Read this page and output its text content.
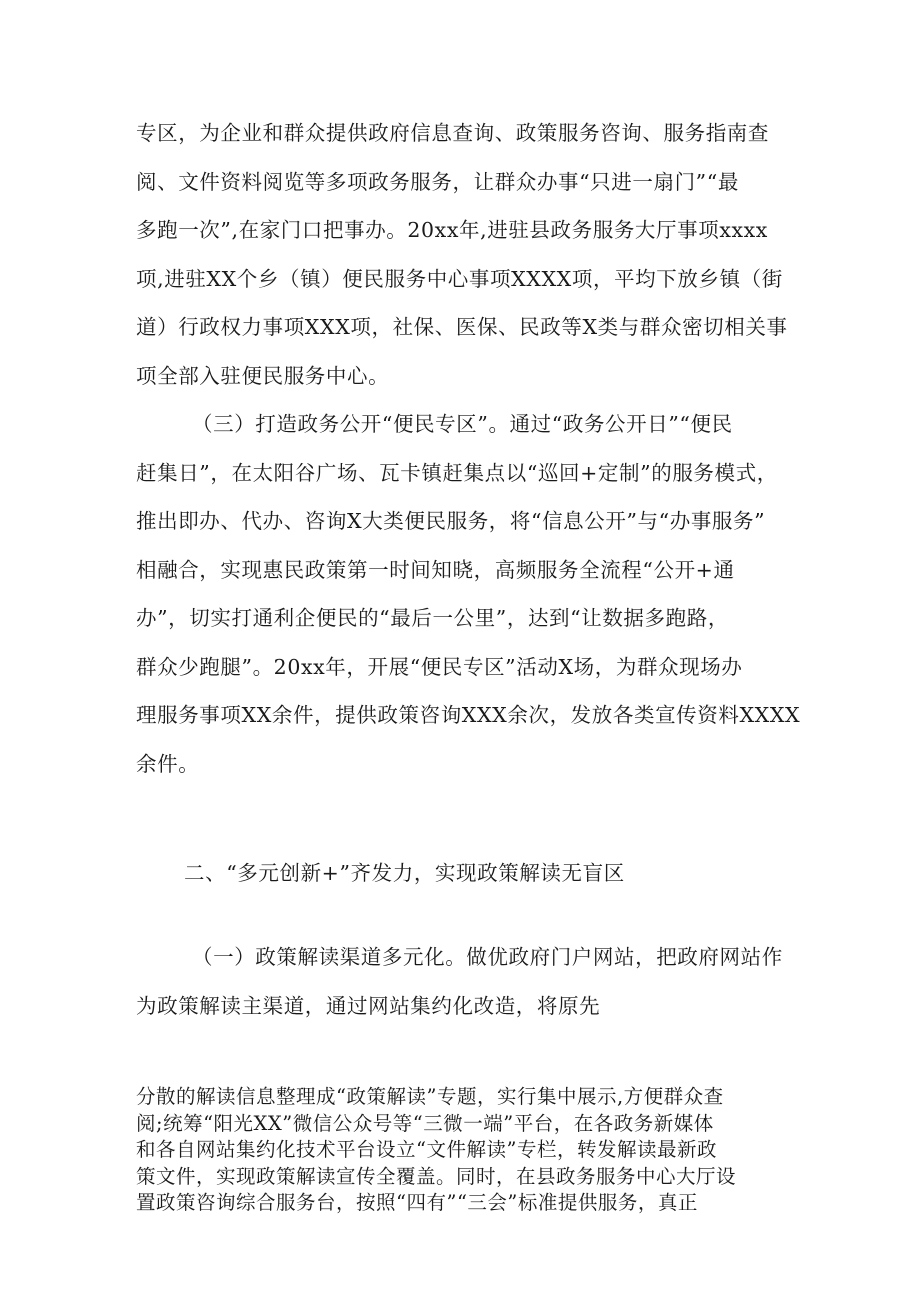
专区，为企业和群众提供政府信息查询、政策服务咨询、服务指南查
阅、文件资料阅览等多项政务服务，让群众办事“只进一扇门”“最
多跑一次”,在家门口把事办。20xx年,进驻县政务服务大厅事项xxxx
项,进驻XX个乡（镇）便民服务中心事项XXXX项，平均下放乡镇（街
道）行政权力事项XXX项，社保、医保、民政等X类与群众密切相关事
项全部入驻便民服务中心。
（三）打造政务公开“便民专区”。通过“政务公开日”“便民
赶集日”，在太阳谷广场、瓦卡镇赶集点以“巡回+定制”的服务模式，
推出即办、代办、咨询X大类便民服务，将“信息公开”与“办事服务”
相融合，实现惠民政策第一时间知晓，高频服务全流程“公开+通
办”，切实打通利企便民的“最后一公里”，达到“让数据多跑路，
群众少跑腿”。20xx年，开展“便民专区”活动X场，为群众现场办
理服务事项XX余件，提供政策咨询XXX余次，发放各类宣传资料XXXX
余件。
二、“多元创新+”齐发力，实现政策解读无盲区
（一）政策解读渠道多元化。做优政府门户网站，把政府网站作
为政策解读主渠道，通过网站集约化改造，将原先
分散的解读信息整理成“政策解读”专题，实行集中展示,方便群众查
阅;统筹“阳光XX”微信公众号等“三微一端”平台，在各政务新媒体
和各自网站集约化技术平台设立“文件解读”专栏，转发解读最新政
策文件，实现政策解读宣传全覆盖。同时，在县政务服务中心大厅设
置政策咨询综合服务台，按照“四有”“三会”标准提供服务，真正
